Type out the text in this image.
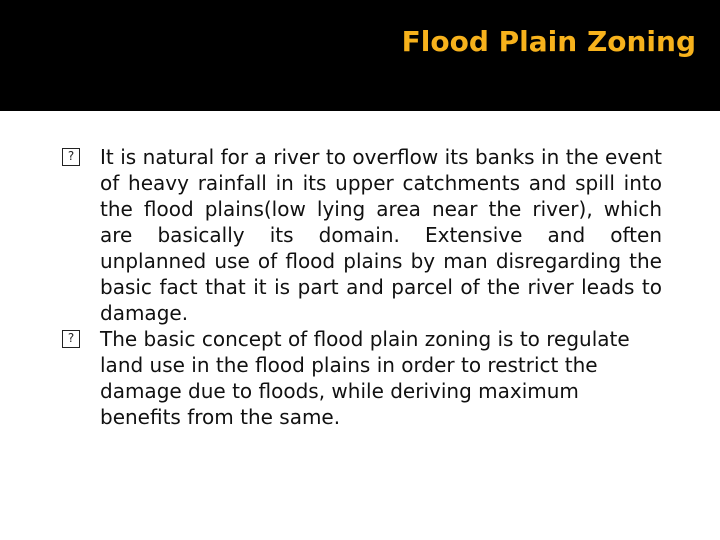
Flood Plain Zoning
? It is natural for a river to overflow its banks in the event of heavy rainfall in its upper catchments and spill into the flood plains(low lying area near the river), which are basically its domain. Extensive and often unplanned use of flood plains by man disregarding the basic fact that it is part and parcel of the river leads to damage.
? The basic concept of flood plain zoning is to regulate land use in the flood plains in order to restrict the damage due to floods, while deriving maximum benefits from the same.
